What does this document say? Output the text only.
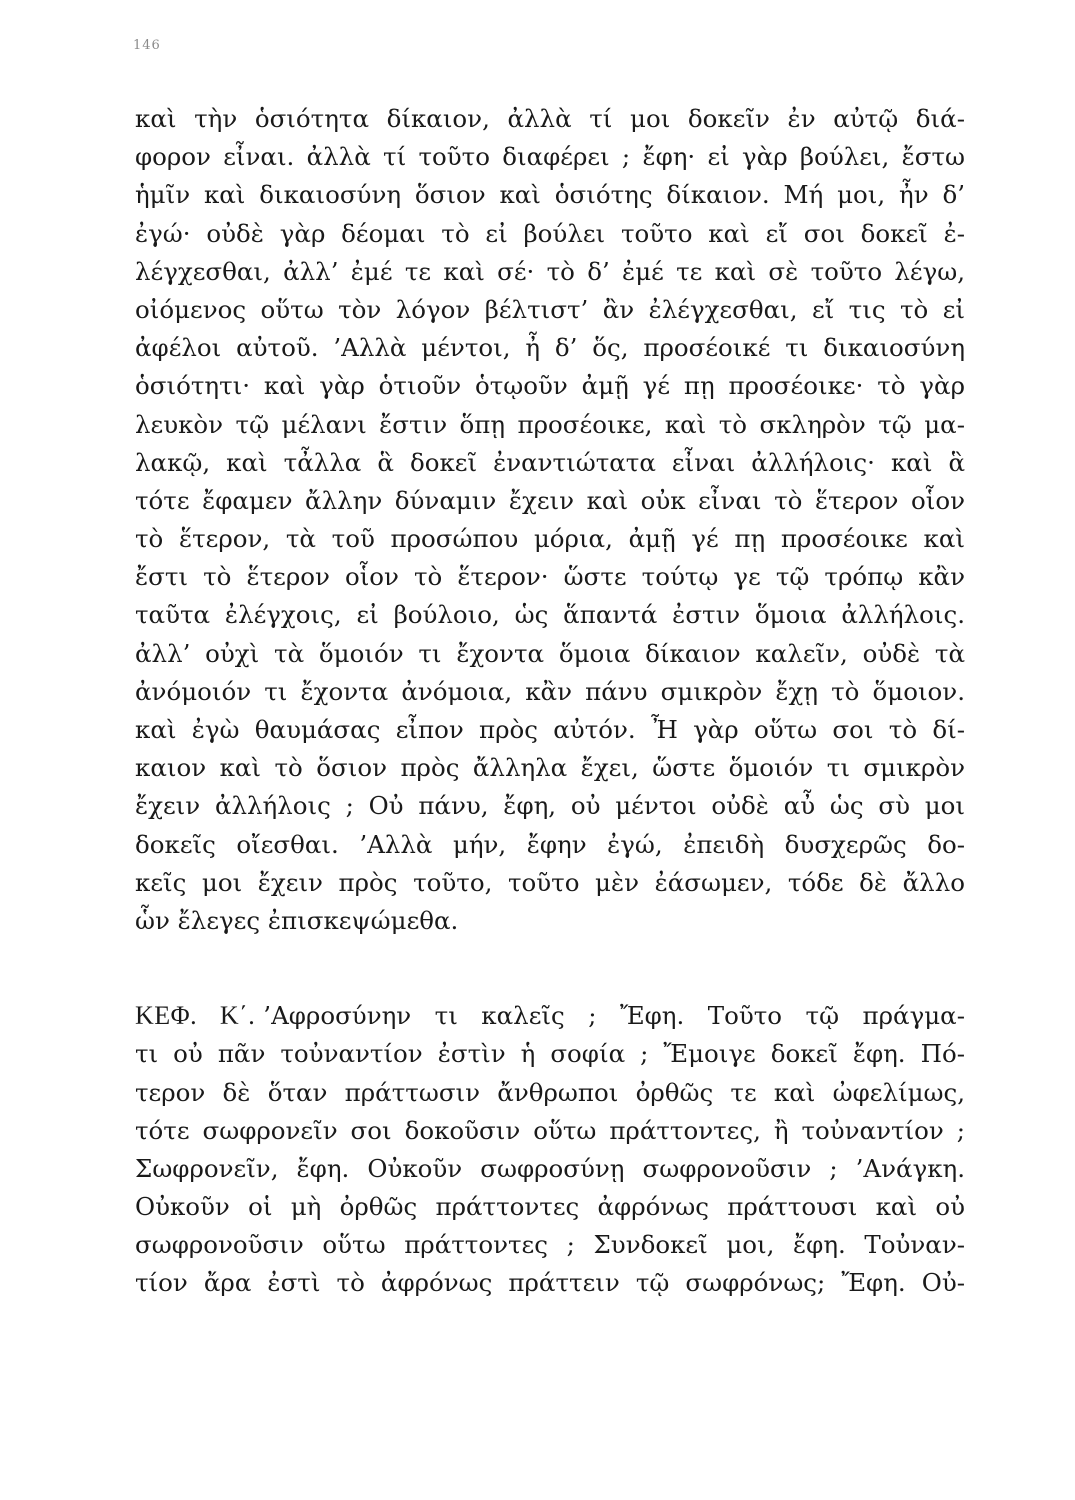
146
καὶ τὴν ὁσιότητα δίκαιον, ἀλλὰ τί μοι δοκεῖν ἐν αὐτῷ διά-
φορον εἶναι. ἀλλὰ τί τοῦτο διαφέρει ; ἔφη· εἰ γὰρ βούλει, ἔστω
ἡμῖν καὶ δικαιοσύνη ὅσιον καὶ ὁσιότης δίκαιον. Μή μοι, ἦν δ’
ἐγώ· οὐδὲ γὰρ δέομαι τὸ εἰ βούλει τοῦτο καὶ εἴ σοι δοκεῖ ἐ-
λέγχεσθαι, ἀλλ’ ἐμέ τε καὶ σέ· τὸ δ’ ἐμέ τε καὶ σὲ τοῦτο λέγω,
οἰόμενος οὕτω τὸν λόγον βέλτιστ’ ἂν ἐλέγχεσθαι, εἴ τις τὸ εἰ
ἀφέλοι αὐτοῦ. ’Αλλὰ μέντοι, ἦ δ’ ὅς, προσέοικέ τι δικαιοσύνη
ὁσιότητι· καὶ γὰρ ὁτιοῦν ὁτῳοῦν ἀμῇ γέ πῃ προσέοικε· τὸ γὰρ
λευκὸν τῷ μέλανι ἔστιν ὅπῃ προσέοικε, καὶ τὸ σκληρὸν τῷ μα-
λακῷ, καὶ τἆλλα ἃ δοκεῖ ἐναντιώτατα εἶναι ἀλλήλοις· καὶ ἃ
τότε ἔφαμεν ἄλλην δύναμιν ἔχειν καὶ οὐκ εἶναι τὸ ἕτερον οἷον
τὸ ἕτερον, τὰ τοῦ προσώπου μόρια, ἀμῇ γέ πῃ προσέοικε καὶ
ἔστι τὸ ἕτερον οἷον τὸ ἕτερον· ὥστε τούτῳ γε τῷ τρόπῳ κἂν
ταῦτα ἐλέγχοις, εἰ βούλοιο, ὡς ἅπαντά ἐστιν ὅμοια ἀλλήλοις.
ἀλλ’ οὐχὶ τὰ ὅμοιόν τι ἔχοντα ὅμοια δίκαιον καλεῖν, οὐδὲ τὰ
ἀνόμοιόν τι ἔχοντα ἀνόμοια, κἂν πάνυ σμικρὸν ἔχῃ τὸ ὅμοιον.
καὶ ἐγὼ θαυμάσας εἶπον πρὸς αὐτόν. Ἦ γὰρ οὕτω σοι τὸ δί-
καιον καὶ τὸ ὅσιον πρὸς ἄλληλα ἔχει, ὥστε ὅμοιόν τι σμικρὸν
ἔχειν ἀλλήλοις ; Οὐ πάνυ, ἔφη, οὐ μέντοι οὐδὲ αὖ ὡς σὺ μοι
δοκεῖς οἴεσθαι. ’Αλλὰ μήν, ἔφην ἐγώ, ἐπειδὴ δυσχερῶς δο-
κεῖς μοι ἔχειν πρὸς τοῦτο, τοῦτο μὲν ἐάσωμεν, τόδε δὲ ἄλλο
ὧν ἔλεγες ἐπισκεψώμεθα.
ΚΕΦ. Κ΄. ’Αφροσύνην τι καλεῖς ; Ἔφη. Τοῦτο τῷ πράγμα-
τι οὐ πᾶν τοὐναντίον ἐστὶν ἡ σοφία ; Ἔμοιγε δοκεῖ ἔφη. Πό-
τερον δὲ ὅταν πράττωσιν ἄνθρωποι ὀρθῶς τε καὶ ὠφελίμως,
τότε σωφρονεῖν σοι δοκοῦσιν οὕτω πράττοντες, ἢ τοὐναντίον ;
Σωφρονεῖν, ἔφη. Οὐκοῦν σωφροσύνῃ σωφρονοῦσιν ; ’Ανάγκη.
Οὐκοῦν οἱ μὴ ὀρθῶς πράττοντες ἀφρόνως πράττουσι καὶ οὐ
σωφρονοῦσιν οὕτω πράττοντες ; Συνδοκεῖ μοι, ἔφη. Τοὐναν-
τίον ἄρα ἐστὶ τὸ ἀφρόνως πράττειν τῷ σωφρόνως; Ἔφη. Οὐ-
